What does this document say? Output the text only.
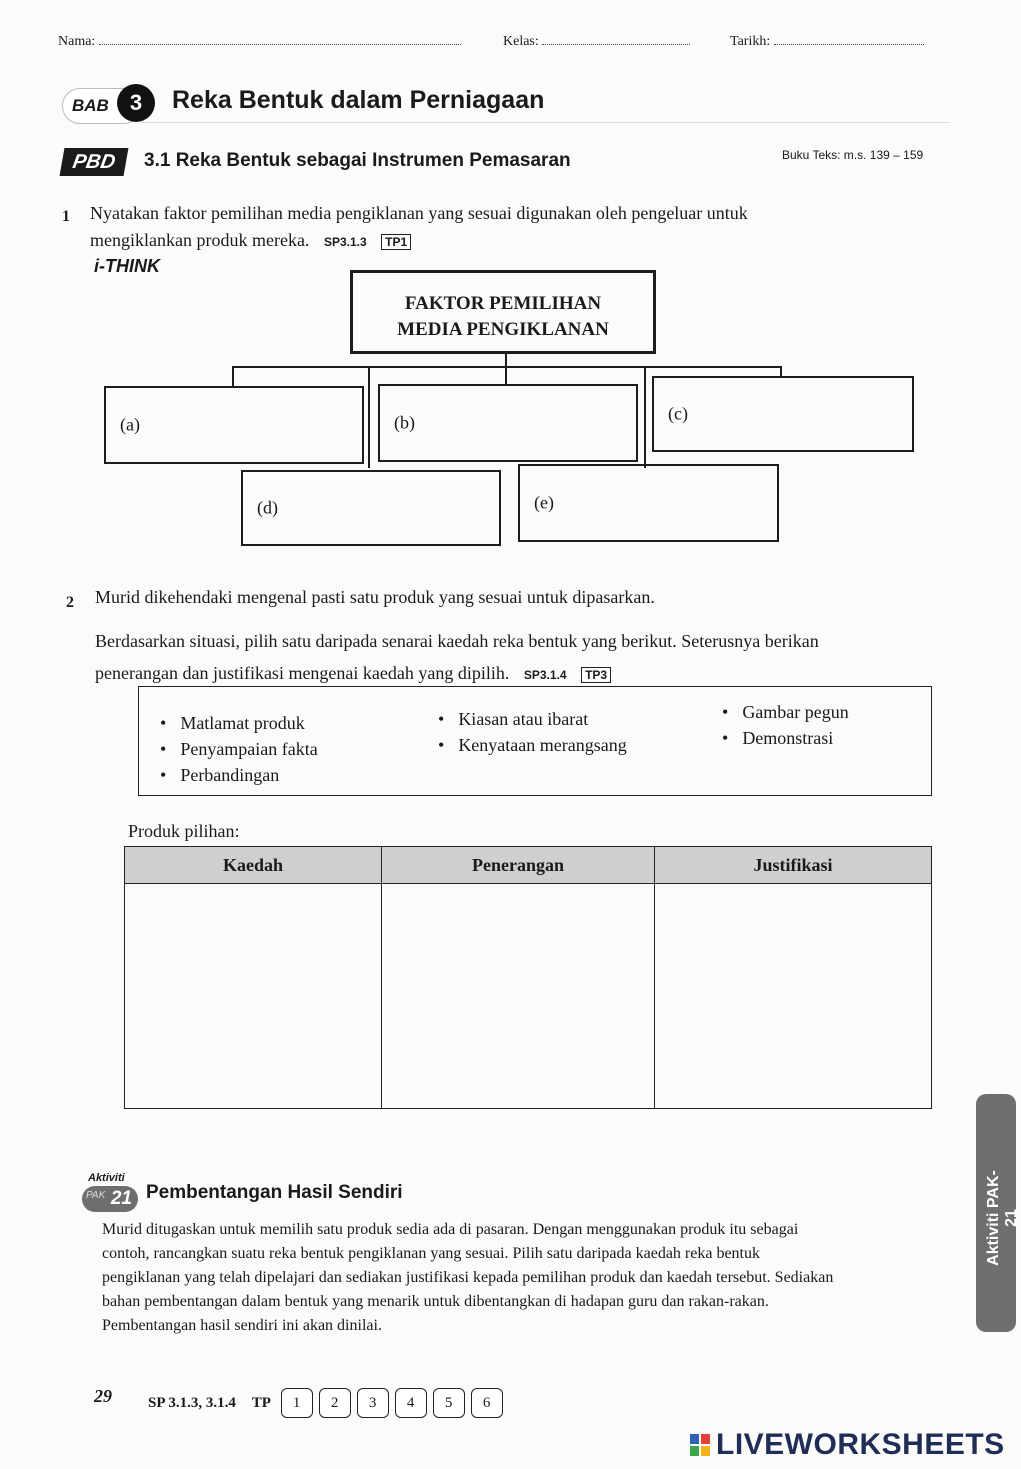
Nama:	Kelas:	Tarikh:
BAB 3	Reka Bentuk dalam Perniagaan
PBD	3.1 Reka Bentuk sebagai Instrumen Pemasaran	Buku Teks: m.s. 139 – 159
1 Nyatakan faktor pemilihan media pengiklanan yang sesuai digunakan oleh pengeluar untuk
mengiklankan produk mereka. SP3.1.3 TP1
i-THINK
FAKTOR PEMILIHAN
MEDIA PENGIKLANAN
(a)	(b)	(c)
(d)	(e)
2 Murid dikehendaki mengenal pasti satu produk yang sesuai untuk dipasarkan.
Berdasarkan situasi, pilih satu daripada senarai kaedah reka bentuk yang berikut. Seterusnya berikan
penerangan dan justifikasi mengenai kaedah yang dipilih. SP3.1.4 TP3
• Matlamat produk
• Penyampaian fakta
• Perbandingan
• Kiasan atau ibarat
• Kenyataan merangsang
• Gambar pegun
• Demonstrasi
Produk pilihan:
Kaedah	Penerangan	Justifikasi

Aktiviti
21
PAK Pembentangan Hasil Sendiri
Murid ditugaskan untuk memilih satu produk sedia ada di pasaran. Dengan menggunakan produk itu sebagai
contoh, rancangkan suatu reka bentuk pengiklanan yang sesuai. Pilih satu daripada kaedah reka bentuk
pengiklanan yang telah dipelajari dan sediakan justifikasi kepada pemilihan produk dan kaedah tersebut. Sediakan
bahan pembentangan dalam bentuk yang menarik untuk dibentangkan di hadapan guru dan rakan-rakan.
Pembentangan hasil sendiri ini akan dinilai.
Aktiviti PAK-21
29 SP 3.1.3, 3.1.4 TP 1 2 3 4 5 6
LIVEWORKSHEETS
